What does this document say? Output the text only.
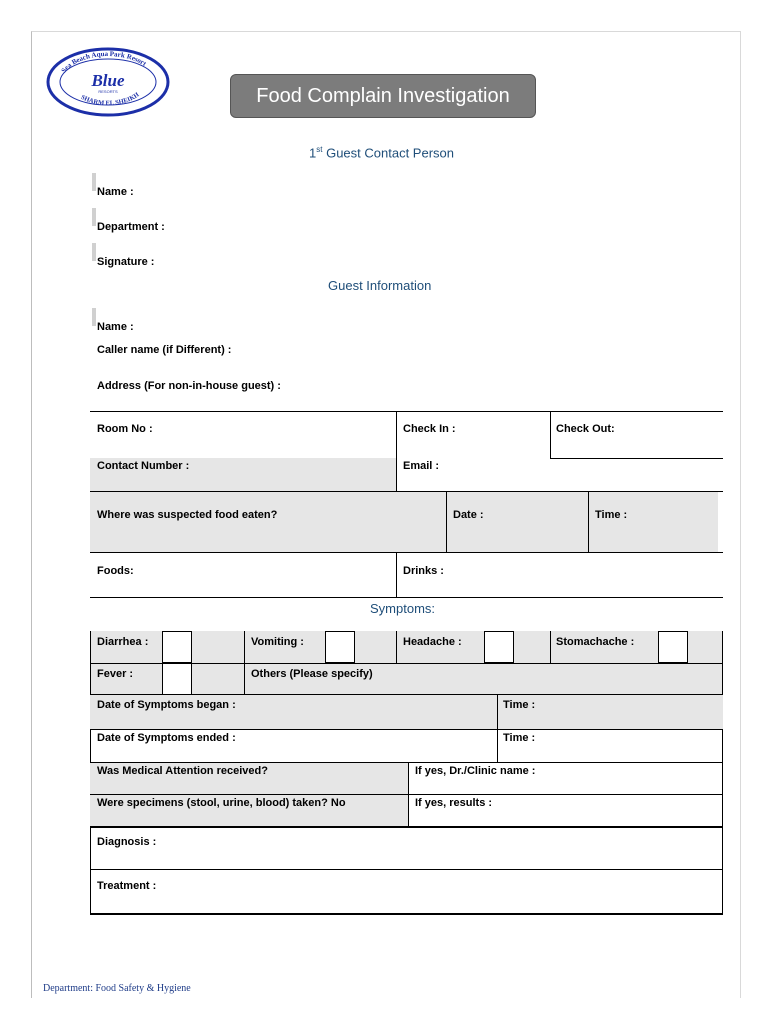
Sea Beach Aqua Park Resort
SHARM EL SHEIKH
Blue
RESORTS	Food Complain Investigation
1st Guest Contact Person
Name :
Department :
Signature :
Guest Information
Name :
Caller name (if Different) :
Address (For non-in-house guest) :
Room No :	Check In :	Check Out:
Contact Number :	Email :
Where was suspected food eaten?	Date :	Time :
Foods:	Drinks :
Symptoms:
Diarrhea :	Vomiting :	Headache :	Stomachache :
Fever :	Others (Please specify)
Date of Symptoms began :	Time :
Date of Symptoms ended :	Time :
Was Medical Attention received?	If yes, Dr./Clinic name :
Were specimens (stool, urine, blood) taken? No	If yes, results :
Diagnosis :
Treatment :
Department: Food Safety & Hygiene
